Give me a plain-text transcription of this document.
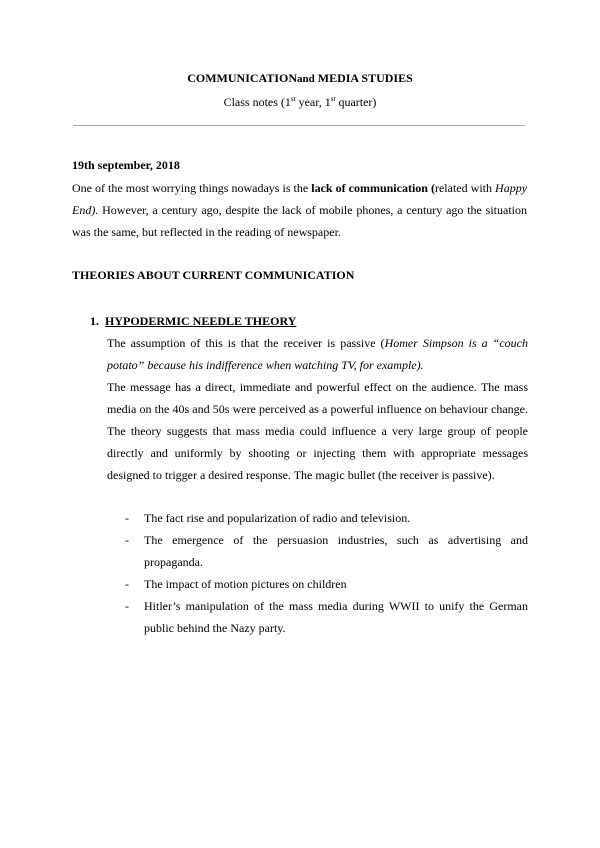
COMMUNICATIONand MEDIA STUDIES
Class notes (1st year, 1st quarter)
19th september, 2018
One of the most worrying things nowadays is the lack of communication (related with Happy End). However, a century ago, despite the lack of mobile phones, a century ago the situation was the same, but reflected in the reading of newspaper.
THEORIES ABOUT CURRENT COMMUNICATION
1. HYPODERMIC NEEDLE THEORY
The assumption of this is that the receiver is passive (Homer Simpson is a “couch potato” because his indifference when watching TV, for example).
The message has a direct, immediate and powerful effect on the audience. The mass media on the 40s and 50s were perceived as a powerful influence on behaviour change. The theory suggests that mass media could influence a very large group of people directly and uniformly by shooting or injecting them with appropriate messages designed to trigger a desired response. The magic bullet (the receiver is passive).
- The fact rise and popularization of radio and television.
- The emergence of the persuasion industries, such as advertising and propaganda.
- The impact of motion pictures on children
- Hitler’s manipulation of the mass media during WWII to unify the German public behind the Nazy party.
